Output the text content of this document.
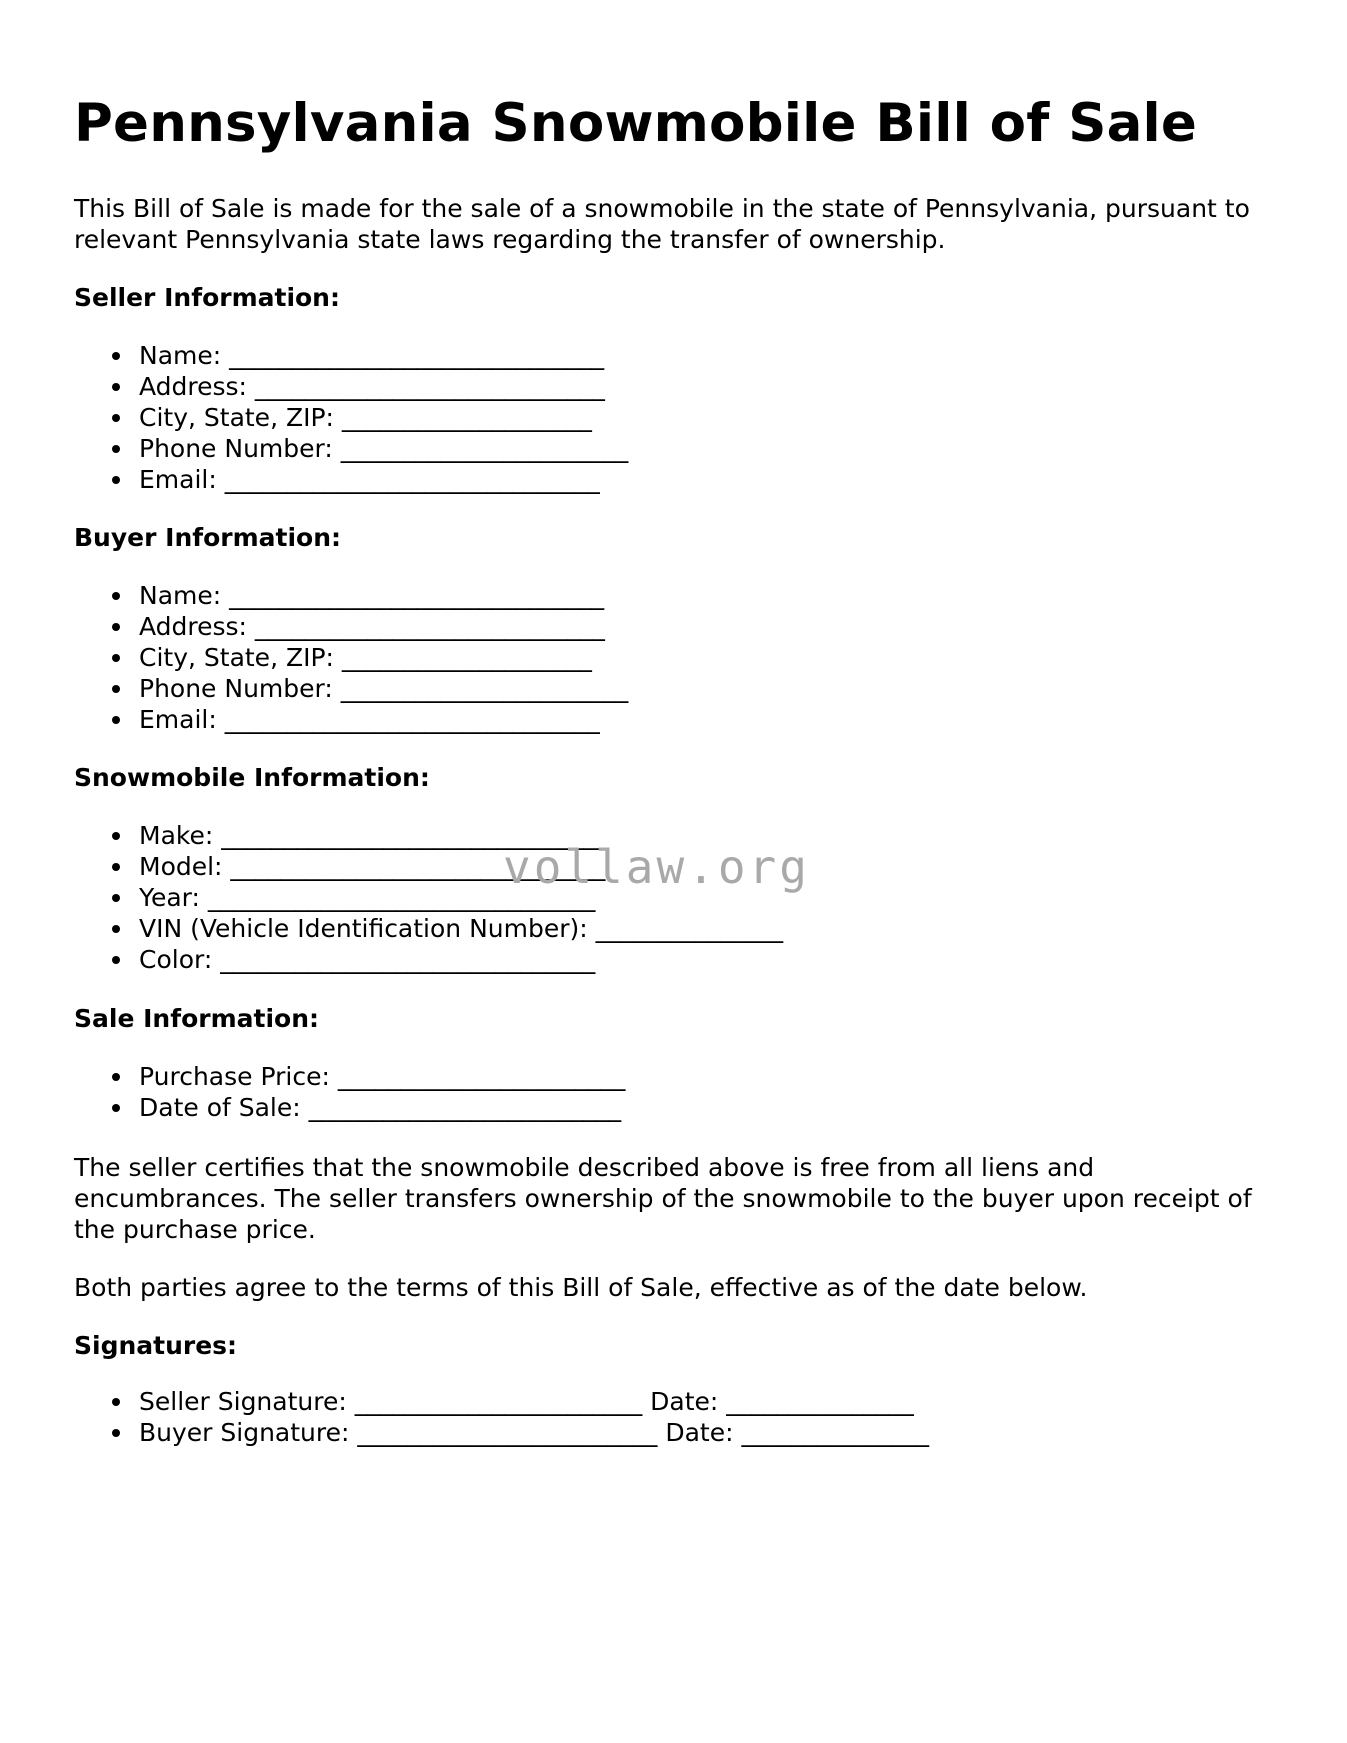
Pennsylvania Snowmobile Bill of Sale

This Bill of Sale is made for the sale of a snowmobile in the state of Pennsylvania, pursuant to relevant Pennsylvania state laws regarding the transfer of ownership.

Seller Information:
Name: ______________________________
Address: ____________________________
City, State, ZIP: ____________________
Phone Number: _______________________
Email: ______________________________
Buyer Information:
Name: ______________________________
Address: ____________________________
City, State, ZIP: ____________________
Phone Number: _______________________
Email: ______________________________
Snowmobile Information:
Make: _______________________________
Model: ______________________________
Year: _______________________________
VIN (Vehicle Identification Number): _______________
Color: ______________________________
Sale Information:
Purchase Price: _______________________
Date of Sale: _________________________

The seller certifies that the snowmobile described above is free from all liens and encumbrances. The seller transfers ownership of the snowmobile to the buyer upon receipt of the purchase price.

Both parties agree to the terms of this Bill of Sale, effective as of the date below.

Signatures:
Seller Signature: _______________________ Date: _______________
Buyer Signature: ________________________ Date: _______________
vollaw.org
